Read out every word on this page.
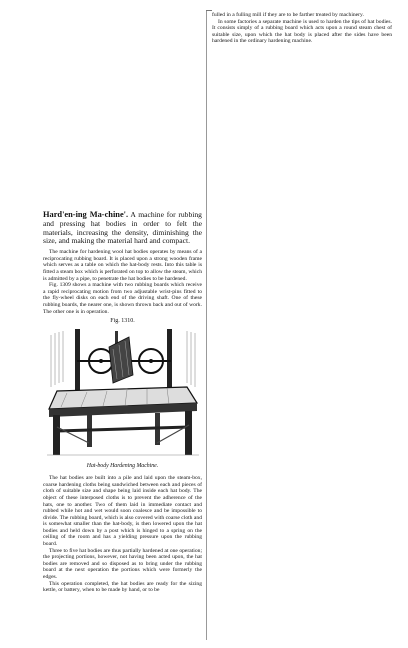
fulled in a fulling mill if they are to be farther treated by machinery.

In some factories a separate machine is used to harden the tips of hat bodies. It consists simply of a rubbing board which acts upon a round steam chest of suitable size, upon which the hat body is placed after the sides have been hardened in the ordinary hardening machine.

Hard'en-ing Ma-chine'. A machine for rubbing and pressing hat bodies in order to felt the materials, increasing the density, diminishing the size, and making the material hard and compact.

The machine for hardening wool hat bodies operates by means of a reciprocating rubbing board. It is placed upon a strong wooden frame which serves as a table on which the hat-body rests. Into this table is fitted a steam box which is perforated on top to allow the steam, which is admitted by a pipe, to penetrate the hat bodies to be hardened.

Fig. 1309 shows a machine with two rubbing boards which receive a rapid reciprocating motion from two adjustable wrist-pins fitted to the fly-wheel disks on each end of the driving shaft. One of these rubbing boards, the nearer one, is shown thrown back and out of work. The other one is in operation.

Fig. 1310.
Hat-body Hardening Machine.

The hat bodies are built into a pile and laid upon the steam-box, coarse hardening cloths being sandwiched between each and pieces of cloth of suitable size and shape being laid inside each hat body. The object of these interposed cloths is to prevent the adherence of the hats, one to another. Two of them laid in immediate contact and rubbed while hot and wet would soon coalesce and be impossible to divide. The rubbing board, which is also covered with coarse cloth and is somewhat smaller than the hat-body, is then lowered upon the hat bodies and held down by a post which is hinged to a spring on the ceiling of the room and has a yielding pressure upon the rubbing board.

Three to five hat bodies are thus partially hardened at one operation; the projecting portions, however, not having been acted upon, the hat bodies are removed and so disposed as to bring under the rubbing board at the next operation the portions which were formerly the edges.

This operation completed, the hat bodies are ready for the sizing kettle, or battery, when to be made by hand, or to be
